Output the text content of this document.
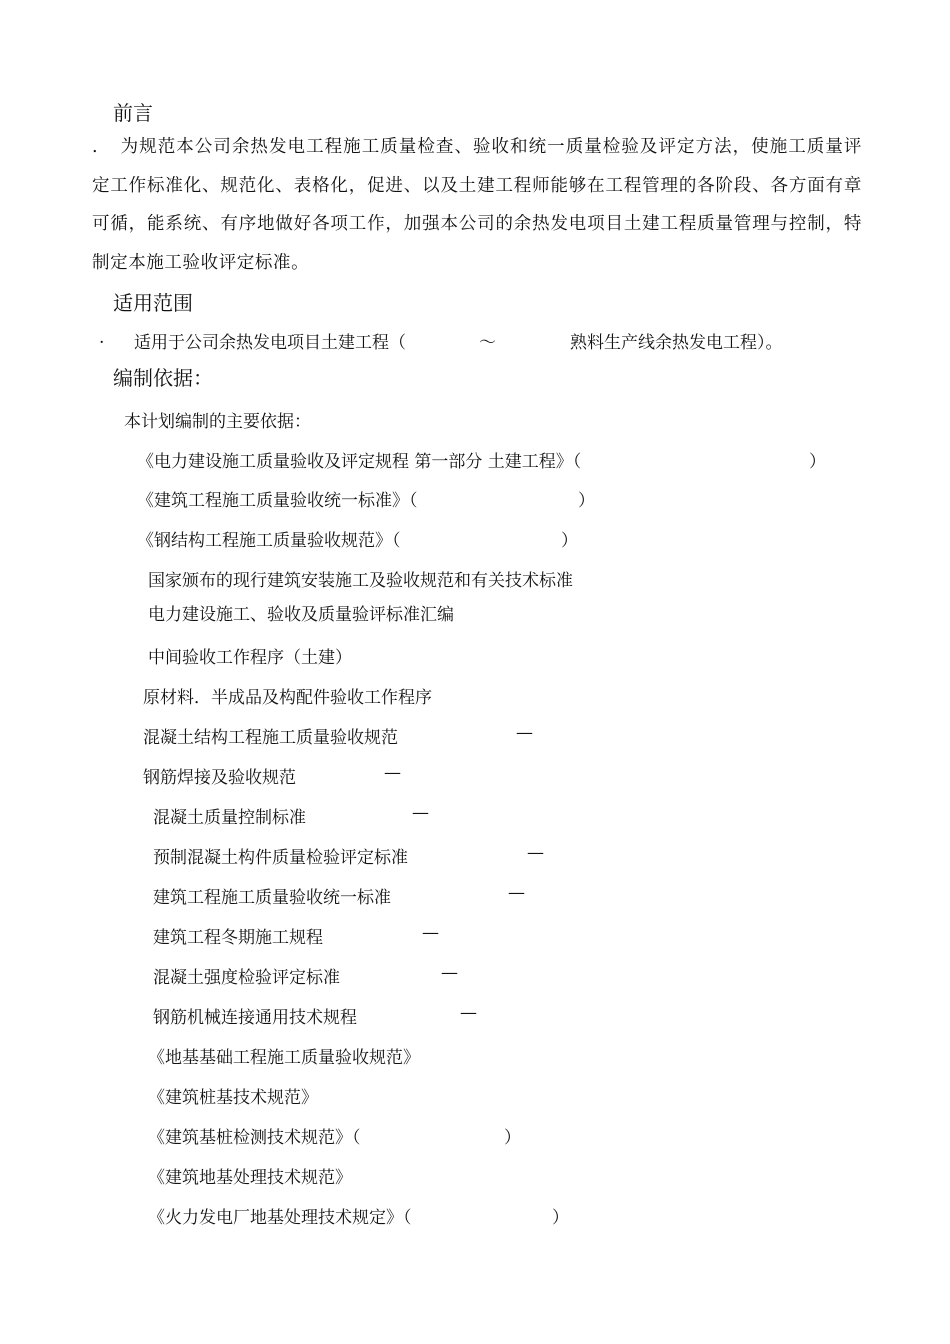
前言
. 为规范本公司余热发电工程施工质量检查、验收和统一质量检验及评定方法，使施工质量评定工作标准化、规范化、表格化，促进、以及土建工程师能够在工程管理的各阶段、各方面有章可循，能系统、有序地做好各项工作，加强本公司的余热发电项目土建工程质量管理与控制，特制定本施工验收评定标准。
适用范围
. 适用于公司余热发电项目土建工程（	～	熟料生产线余热发电工程）。
编制依据：
本计划编制的主要依据：
《电力建设施工质量验收及评定规程 第一部分 土建工程》（	）
《建筑工程施工质量验收统一标准》（	）
《钢结构工程施工质量验收规范》（	）
国家颁布的现行建筑安装施工及验收规范和有关技术标准
电力建设施工、验收及质量验评标准汇编
中间验收工作程序（土建）
原材料．半成品及构配件验收工作程序
混凝土结构工程施工质量验收规范	—
钢筋焊接及验收规范	—
混凝土质量控制标准	—
预制混凝土构件质量检验评定标准	—
建筑工程施工质量验收统一标准	—
建筑工程冬期施工规程	—
混凝土强度检验评定标准	—
钢筋机械连接通用技术规程	—
《地基基础工程施工质量验收规范》
《建筑桩基技术规范》
《建筑基桩检测技术规范》（	）
《建筑地基处理技术规范》
《火力发电厂地基处理技术规定》（	）
